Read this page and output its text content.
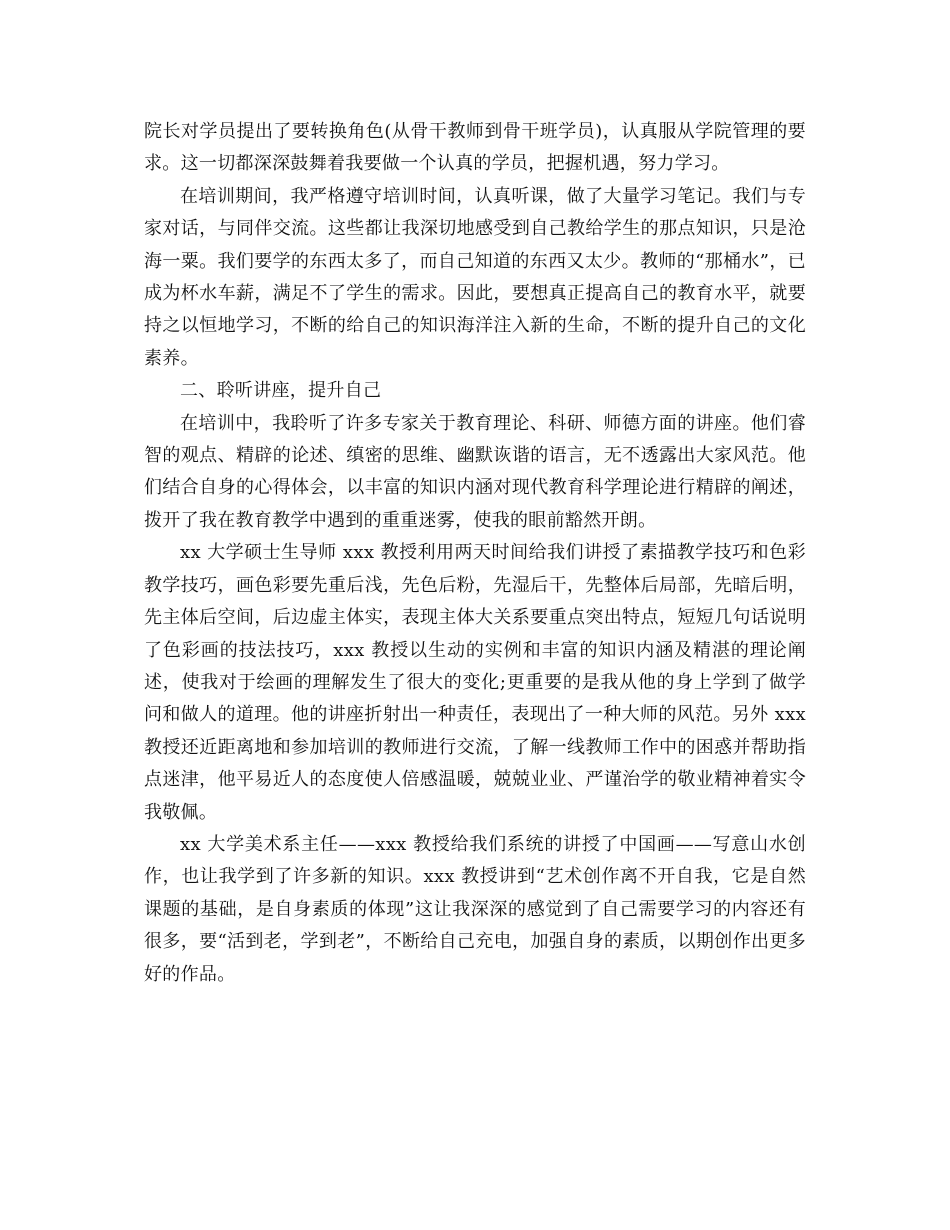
院长对学员提出了要转换角色(从骨干教师到骨干班学员)，认真服从学院管理的要求。这一切都深深鼓舞着我要做一个认真的学员，把握机遇，努力学习。

在培训期间，我严格遵守培训时间，认真听课，做了大量学习笔记。我们与专家对话，与同伴交流。这些都让我深切地感受到自己教给学生的那点知识，只是沧海一粟。我们要学的东西太多了，而自己知道的东西又太少。教师的“那桶水”，已成为杯水车薪，满足不了学生的需求。因此，要想真正提高自己的教育水平，就要持之以恒地学习，不断的给自己的知识海洋注入新的生命，不断的提升自己的文化素养。

二、聆听讲座，提升自己

在培训中，我聆听了许多专家关于教育理论、科研、师德方面的讲座。他们睿智的观点、精辟的论述、缜密的思维、幽默诙谐的语言，无不透露出大家风范。他们结合自身的心得体会，以丰富的知识内涵对现代教育科学理论进行精辟的阐述，拨开了我在教育教学中遇到的重重迷雾，使我的眼前豁然开朗。

xx 大学硕士生导师 xxx 教授利用两天时间给我们讲授了素描教学技巧和色彩教学技巧，画色彩要先重后浅，先色后粉，先湿后干，先整体后局部，先暗后明，先主体后空间，后边虚主体实，表现主体大关系要重点突出特点，短短几句话说明了色彩画的技法技巧，xxx 教授以生动的实例和丰富的知识内涵及精湛的理论阐述，使我对于绘画的理解发生了很大的变化;更重要的是我从他的身上学到了做学问和做人的道理。他的讲座折射出一种责任，表现出了一种大师的风范。另外 xxx 教授还近距离地和参加培训的教师进行交流，了解一线教师工作中的困惑并帮助指点迷津，他平易近人的态度使人倍感温暖，兢兢业业、严谨治学的敬业精神着实令我敬佩。

xx 大学美术系主任——xxx 教授给我们系统的讲授了中国画——写意山水创作，也让我学到了许多新的知识。xxx 教授讲到“艺术创作离不开自我，它是自然课题的基础，是自身素质的体现”这让我深深的感觉到了自己需要学习的内容还有很多，要“活到老，学到老”，不断给自己充电，加强自身的素质，以期创作出更多好的作品。
